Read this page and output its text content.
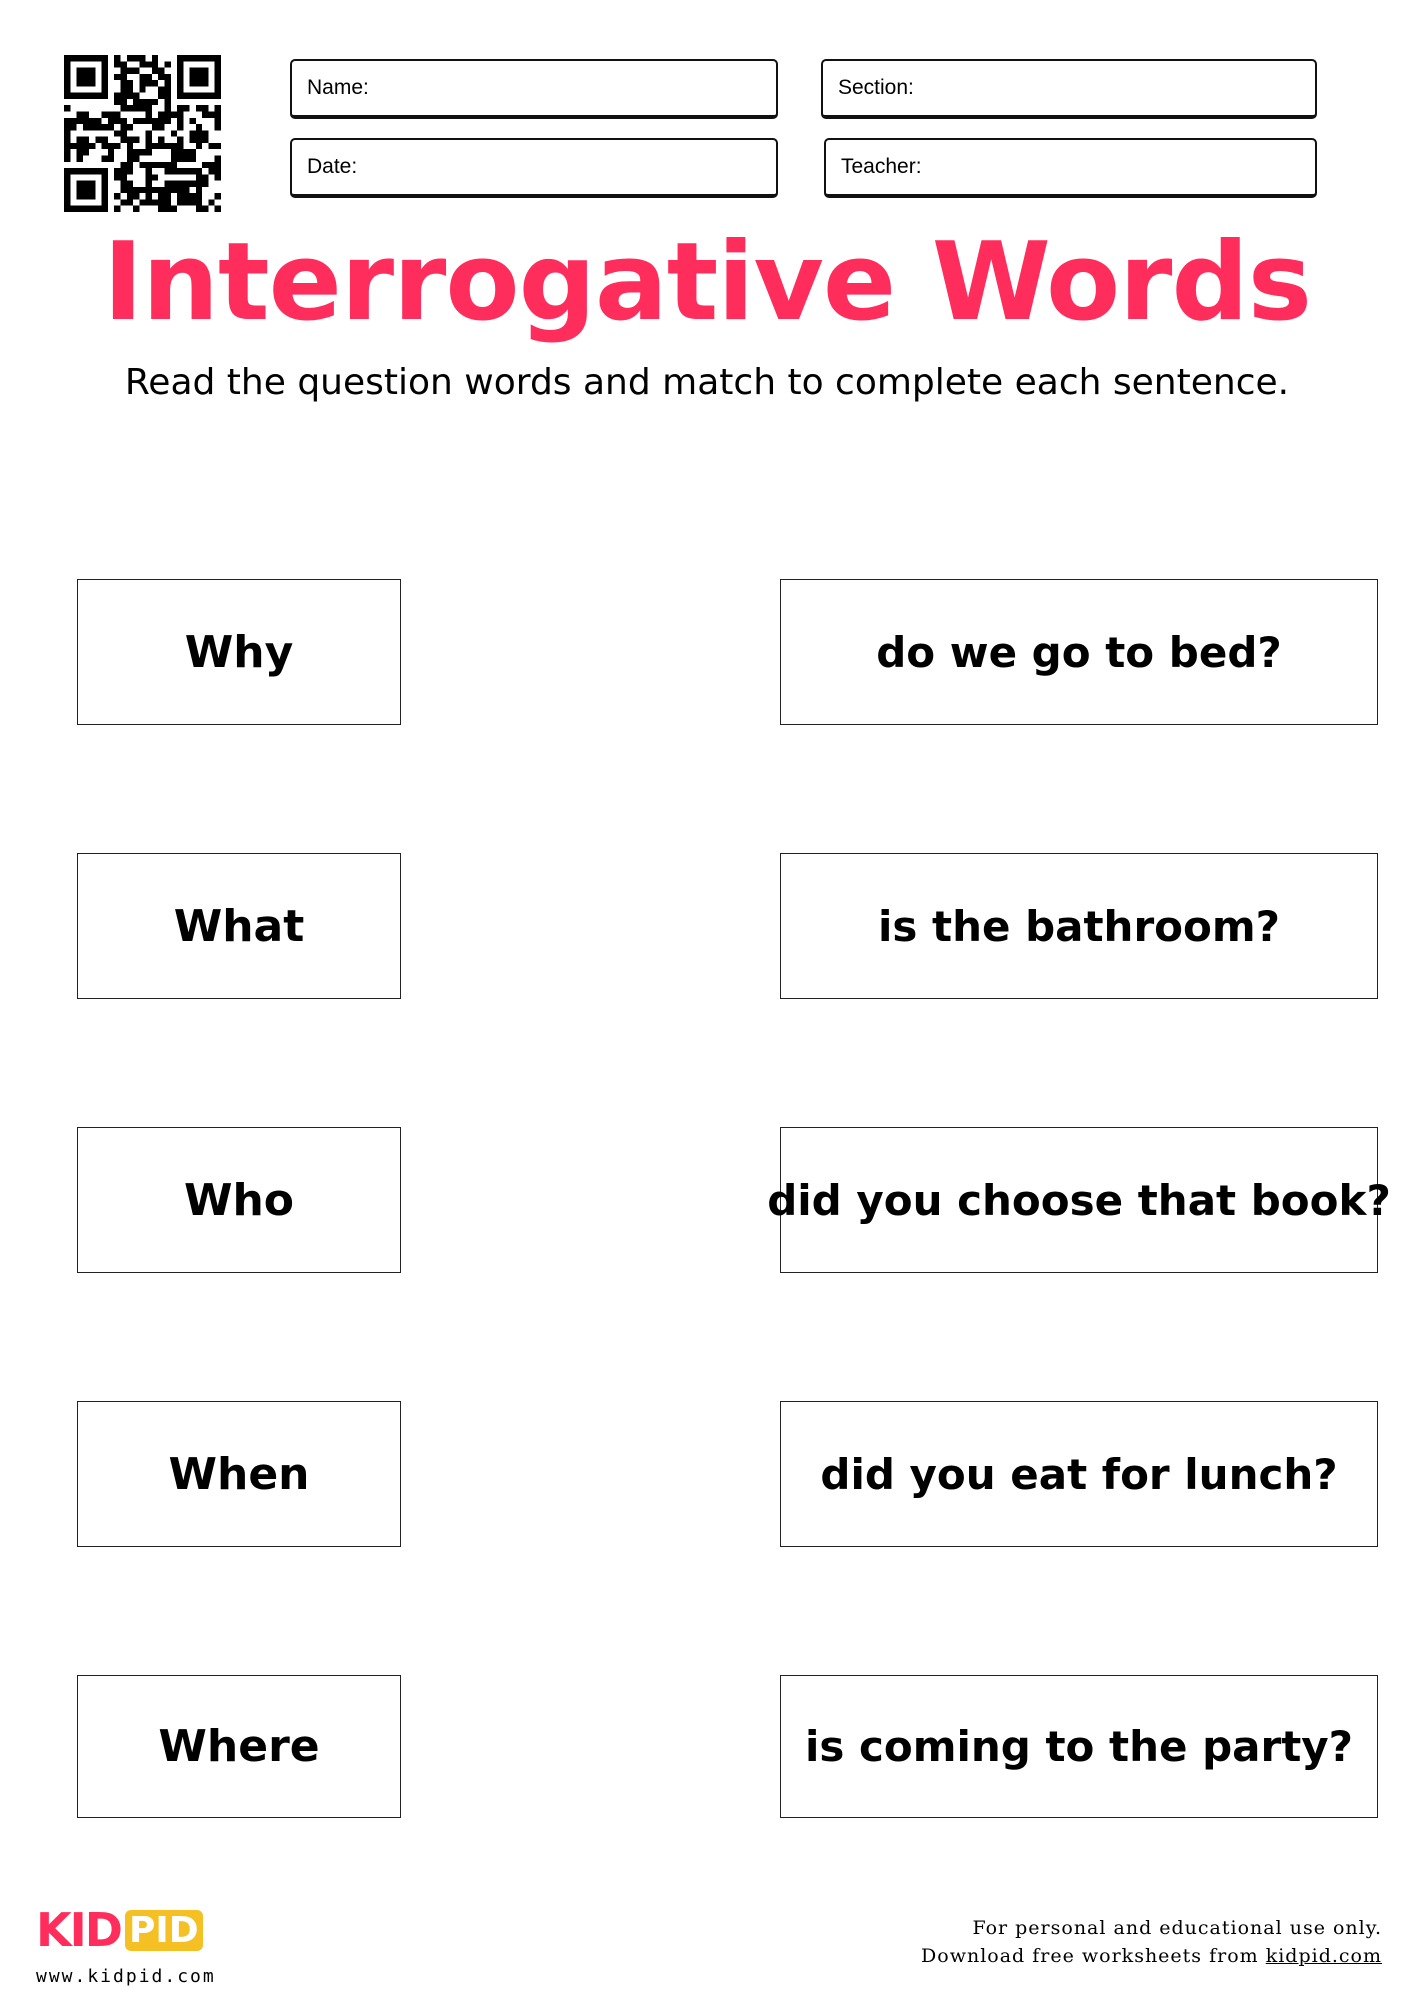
Name:	Section:
Date:	Teacher:
Interrogative Words
Read the question words and match to complete each sentence.
Why
What
Who
When
Where
do we go to bed?
is the bathroom?
did you choose that book?
did you eat for lunch?
is coming to the party?
KID PID
www.kidpid.com
For personal and educational use only.
Download free worksheets from kidpid.com
